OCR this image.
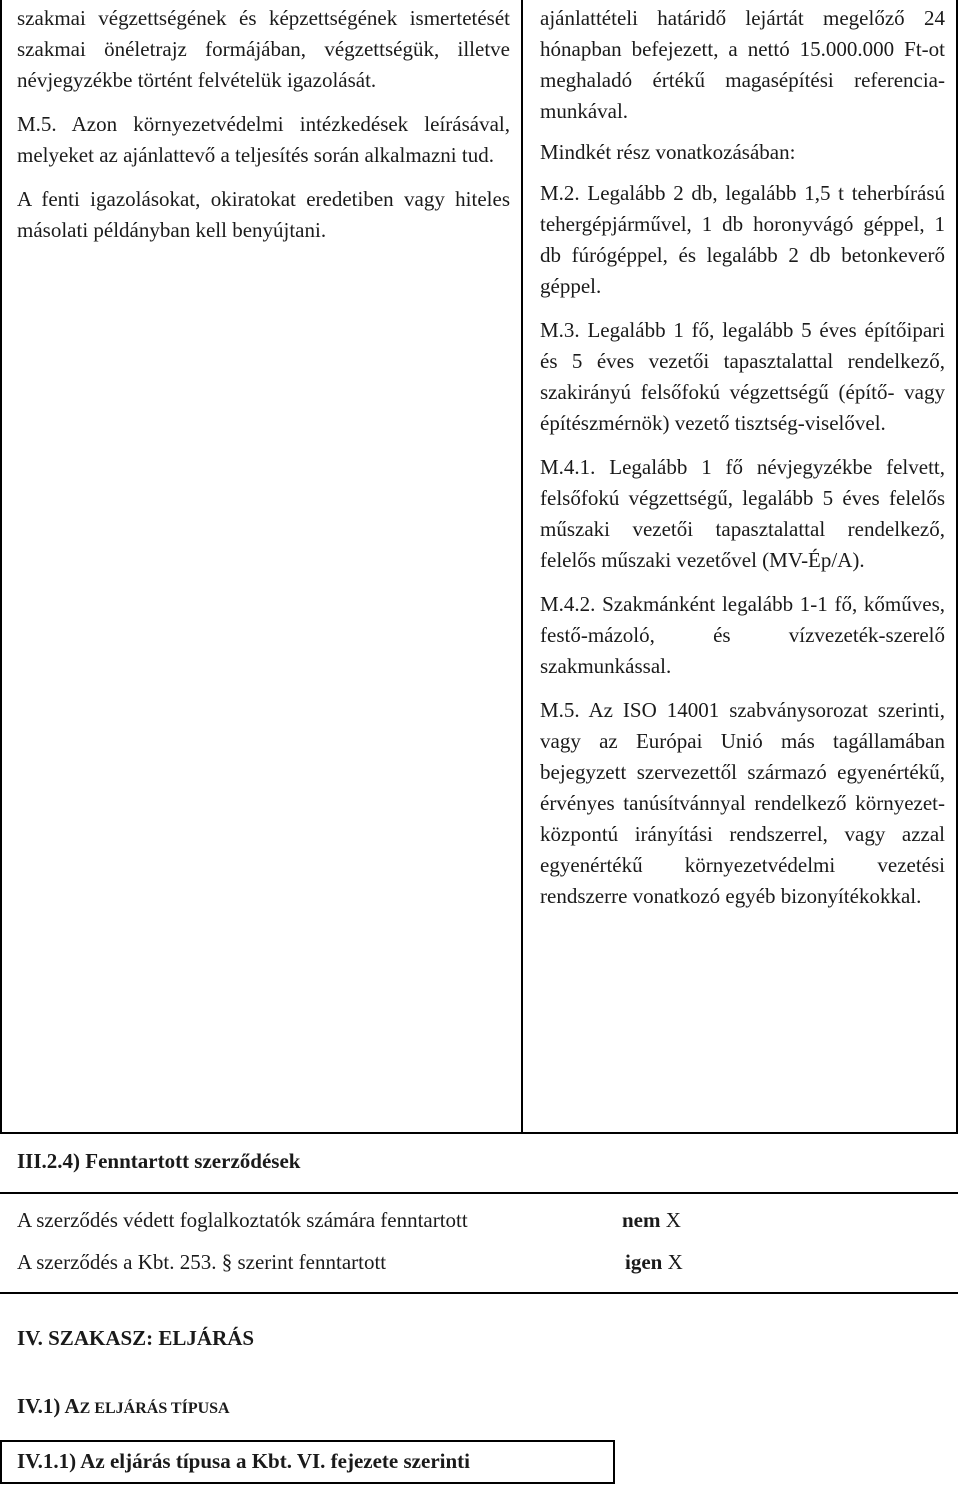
szakmai végzettségének és képzettségének ismertetését szakmai önéletrajz formájában, végzettségük, illetve névjegyzékbe történt felvételük igazolását.

M.5. Azon környezetvédelmi intézkedések leírásával, melyeket az ajánlattevő a teljesítés során alkalmazni tud.

A fenti igazolásokat, okiratokat eredetiben vagy hiteles másolati példányban kell benyújtani.

ajánlattételi határidő lejártát megelőző 24 hónapban befejezett, a nettó 15.000.000 Ft-ot meghaladó értékű magasépítési referencia-munkával.

Mindkét rész vonatkozásában:

M.2. Legalább 2 db, legalább 1,5 t teherbírású tehergépjárművel, 1 db horonyvágó géppel, 1 db fúrógéppel, és legalább 2 db betonkeverő géppel.

M.3. Legalább 1 fő, legalább 5 éves építőipari és 5 éves vezetői tapasztalattal rendelkező, szakirányú felsőfokú végzettségű (építő- vagy építészmérnök) vezető tisztség-viselővel.

M.4.1. Legalább 1 fő névjegyzékbe felvett, felsőfokú végzettségű, legalább 5 éves felelős műszaki vezetői tapasztalattal rendelkező, felelős műszaki vezetővel (MV-Ép/A).

M.4.2. Szakmánként legalább 1-1 fő, kőműves, festő-mázoló, és vízvezeték-szerelő szakmunkással.

M.5. Az ISO 14001 szabványsorozat szerinti, vagy az Európai Unió más tagállamában bejegyzett szervezettől származó egyenértékű, érvényes tanúsítvánnyal rendelkező környezet-központú irányítási rendszerrel, vagy azzal egyenértékű környezetvédelmi vezetési rendszerre vonatkozó egyéb bizonyítékokkal.

III.2.4) Fenntartott szerződések
A szerződés védett foglalkoztatók számára fenntartott	nem X
A szerződés a Kbt. 253. § szerint fenntartott	igen X
IV. SZAKASZ: ELJÁRÁS
IV.1) AZ ELJÁRÁS TÍPUSA
IV.1.1) Az eljárás típusa a Kbt. VI. fejezete szerinti
